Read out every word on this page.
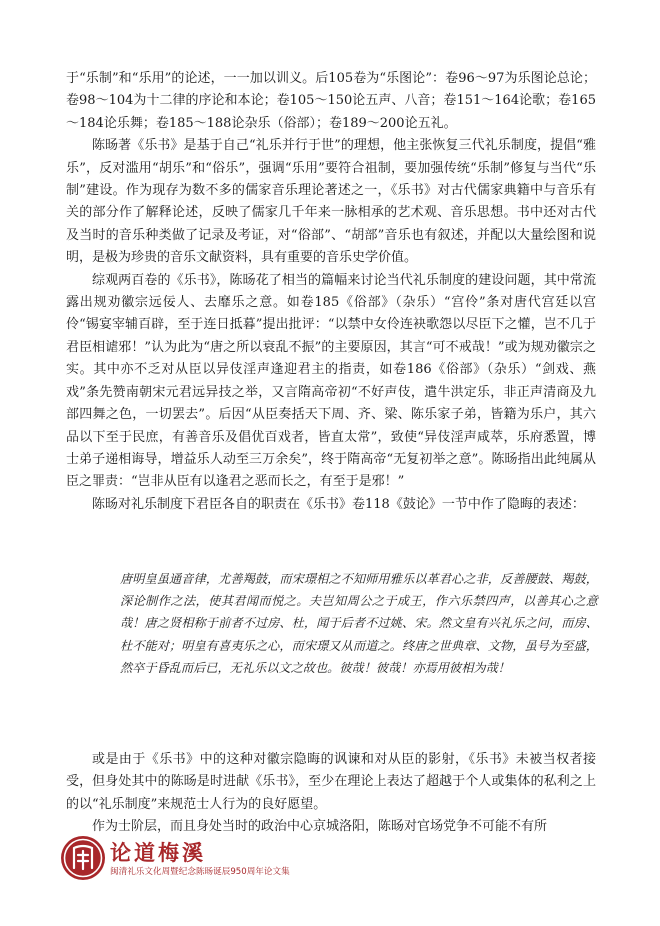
于“乐制”和“乐用”的论述，一一加以训义。后105卷为“乐图论”：卷96～97为乐图论总论；卷98～104为十二律的序论和本论；卷105～150论五声、八音；卷151～164论歌；卷165～184论乐舞；卷185～188论杂乐（俗部）；卷189～200论五礼。

陈旸著《乐书》是基于自己“礼乐并行于世”的理想，他主张恢复三代礼乐制度，提倡“雅乐”，反对滥用“胡乐”和“俗乐”，强调“乐用”要符合祖制，要加强传统“乐制”修复与当代“乐制”建设。作为现存为数不多的儒家音乐理论著述之一，《乐书》对古代儒家典籍中与音乐有关的部分作了解释论述，反映了儒家几千年来一脉相承的艺术观、音乐思想。书中还对古代及当时的音乐种类做了记录及考证，对“俗部”、“胡部”音乐也有叙述，并配以大量绘图和说明，是极为珍贵的音乐文献资料，具有重要的音乐史学价值。

综观两百卷的《乐书》，陈旸花了相当的篇幅来讨论当代礼乐制度的建设问题，其中常流露出规劝徽宗远佞人、去靡乐之意。如卷185《俗部》（杂乐）“宫伶”条对唐代宫廷以宫伶“锡宴宰辅百辟，至于连日抵暮”提出批评：“以禁中女伶连袂歌怨以尽臣下之懽，岂不几于君臣相谑邪！”认为此为“唐之所以衰乱不振”的主要原因，其言“可不戒哉！”或为规劝徽宗之实。其中亦不乏对从臣以异伎淫声逢迎君主的指责，如卷186《俗部》（杂乐）“剑戏、燕戏”条先赞南朝宋元君远异技之举，又言隋高帝初“不好声伎，遣牛洪定乐，非正声清商及九部四舞之色，一切罢去”。后因“从臣奏括天下周、齐、梁、陈乐家子弟，皆籍为乐户，其六品以下至于民庶，有善音乐及倡优百戏者，皆直太常”，致使“异伎淫声咸萃，乐府悉置，博士弟子递相诲导，增益乐人动至三万余矣”，终于隋高帝“无复初举之意”。陈旸指出此纯属从臣之罪责：“岂非从臣有以逢君之恶而长之，有至于是邪！”

陈旸对礼乐制度下君臣各自的职责在《乐书》卷118《鼓论》一节中作了隐晦的表述：

唐明皇虽通音律，尤善羯鼓，而宋璟相之不知师用雅乐以革君心之非，反善腰鼓、羯鼓，深论制作之法，使其君闻而悦之。夫岂知周公之于成王，作六乐禁四声，以善其心之意哉！唐之贤相称于前者不过房、杜，闻于后者不过姚、宋。然文皇有兴礼乐之问，而房、杜不能对；明皇有喜夷乐之心，而宋璟又从而道之。终唐之世典章、文物，虽号为至盛，然卒于昏乱而后已，无礼乐以文之故也。彼哉！彼哉！亦焉用彼相为哉！

或是由于《乐书》中的这种对徽宗隐晦的讽谏和对从臣的影射，《乐书》未被当权者接受，但身处其中的陈旸是时进献《乐书》，至少在理论上表达了超越于个人或集体的私利之上的以“礼乐制度”来规范士人行为的良好愿望。

作为士阶层，而且身处当时的政治中心京城洛阳，陈旸对官场党争不可能不有所

论道梅溪
闽清礼乐文化周暨纪念陈旸诞辰950周年论文集
